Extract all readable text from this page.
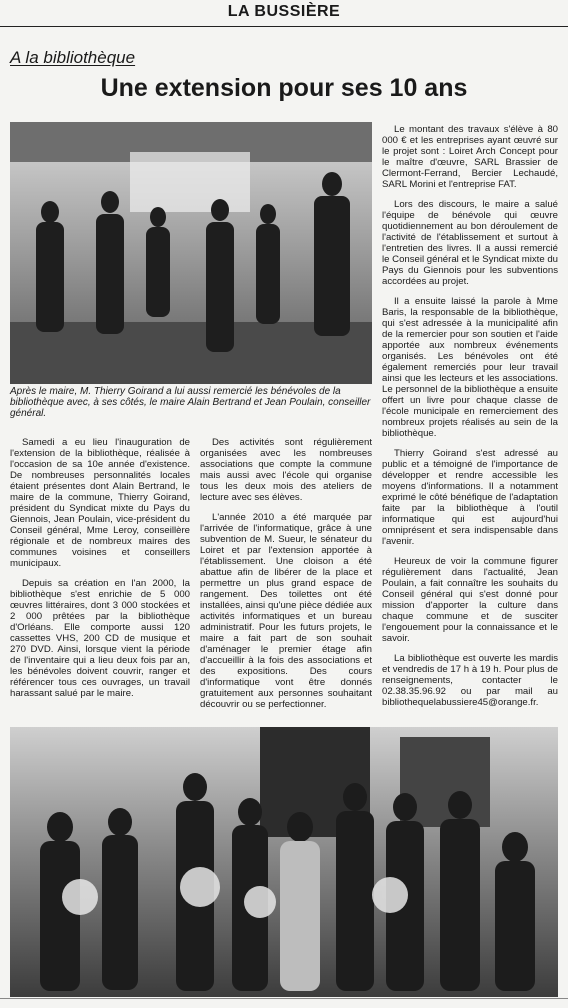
LA BUSSIÈRE
A la bibliothèque
Une extension pour ses 10 ans
Après le maire, M. Thierry Goirand a lui aussi remercié les bénévoles de la bibliothèque avec, à ses côtés, le maire Alain Bertrand et Jean Poulain, conseiller général.

Le montant des travaux s'élève à 80 000 € et les entreprises ayant œuvré sur le projet sont : Loiret Arch Concept pour le maître d'œuvre, SARL Brassier de Clermont-Ferrand, Bercier Lechaudé, SARL Morini et l'entreprise FAT.

Lors des discours, le maire a salué l'équipe de bénévole qui œuvre quotidiennement au bon déroulement de l'activité de l'établissement et surtout à l'entretien des livres. Il a aussi remercié le Conseil général et le Syndicat mixte du Pays du Giennois pour les subventions accordées au projet.

Il a ensuite laissé la parole à Mme Baris, la responsable de la bibliothèque, qui s'est adressée à la municipalité afin de la remercier pour son soutien et l'aide apportée aux nombreux événements organisés. Les bénévoles ont été également remerciés pour leur travail ainsi que les lecteurs et les associations. Le personnel de la bibliothèque a ensuite offert un livre pour chaque classe de l'école municipale en remerciement des nombreux projets réalisés au sein de la bibliothèque.

Thierry Goirand s'est adressé au public et a témoigné de l'importance de développer et rendre accessible les moyens d'informations. Il a notamment exprimé le côté bénéfique de l'adaptation faite par la bibliothèque à l'outil informatique qui est aujourd'hui omniprésent et sera indispensable dans l'avenir.

Heureux de voir la commune figurer régulièrement dans l'actualité, Jean Poulain, a fait connaître les souhaits du Conseil général qui s'est donné pour mission d'apporter la culture dans chaque commune et de susciter l'engouement pour la connaissance et le savoir.

La bibliothèque est ouverte les mardis et vendredis de 17 h à 19 h. Pour plus de renseignements, contacter le 02.38.35.96.92 ou par mail au bibliothequelabussiere45@orange.fr.

Samedi a eu lieu l'inauguration de l'extension de la bibliothèque, réalisée à l'occasion de sa 10e année d'existence. De nombreuses personnalités locales étaient présentes dont Alain Bertrand, le maire de la commune, Thierry Goirand, président du Syndicat mixte du Pays du Giennois, Jean Poulain, vice-président du Conseil général, Mme Leroy, conseillère régionale et de nombreux maires des communes voisines et conseillers municipaux.

Depuis sa création en l'an 2000, la bibliothèque s'est enrichie de 5 000 œuvres littéraires, dont 3 000 stockées et 2 000 prêtées par la bibliothèque d'Orléans. Elle comporte aussi 120 cassettes VHS, 200 CD de musique et 270 DVD. Ainsi, lorsque vient la période de l'inventaire qui a lieu deux fois par an, les bénévoles doivent couvrir, ranger et référencer tous ces ouvrages, un travail harassant salué par le maire.

Des activités sont régulièrement organisées avec les nombreuses associations que compte la commune mais aussi avec l'école qui organise tous les deux mois des ateliers de lecture avec ses élèves.

L'année 2010 a été marquée par l'arrivée de l'informatique, grâce à une subvention de M. Sueur, le sénateur du Loiret et par l'extension apportée à l'établissement. Une cloison a été abattue afin de libérer de la place et permettre un plus grand espace de rangement. Des toilettes ont été installées, ainsi qu'une pièce dédiée aux activités informatiques et un bureau administratif. Pour les futurs projets, le maire a fait part de son souhait d'aménager le premier étage afin d'accueillir à la fois des associations et des expositions. Des cours d'informatique vont être donnés gratuitement aux personnes souhaitant découvrir ou se perfectionner.
